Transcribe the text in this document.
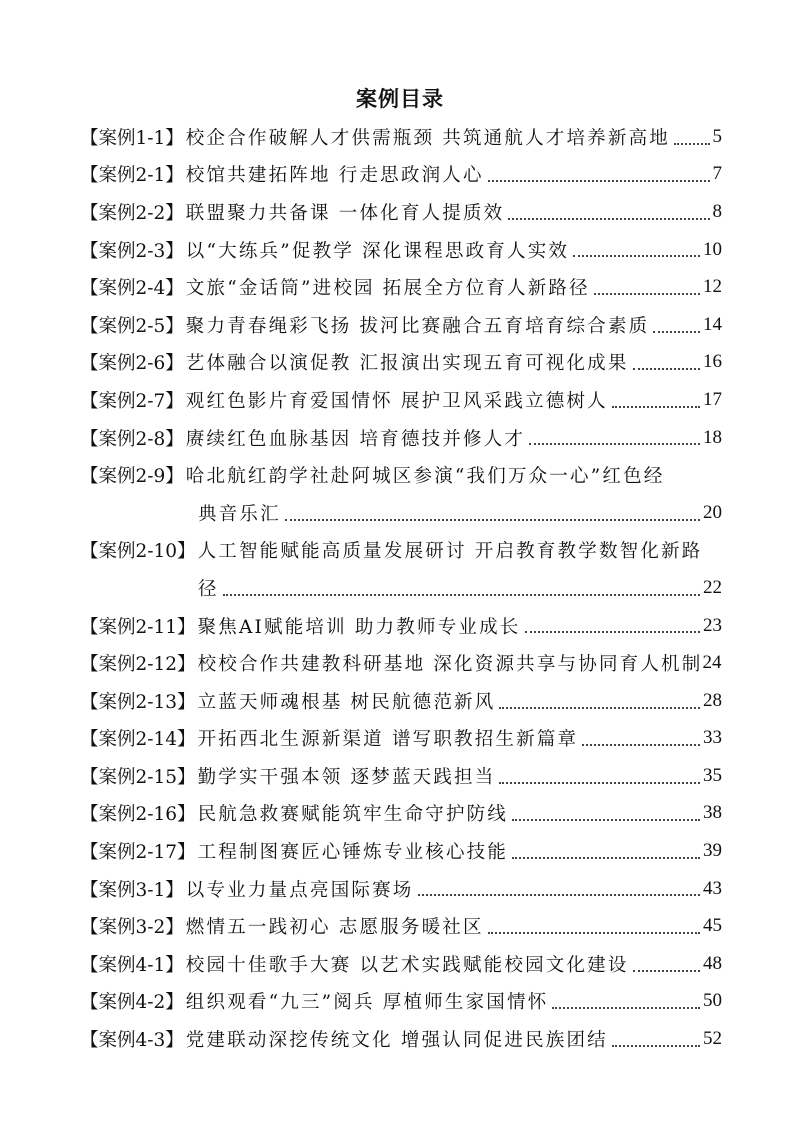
案例目录
【案例1-1】 校企合作破解人才供需瓶颈 共筑通航人才培养新高地 5
【案例2-1】 校馆共建拓阵地 行走思政润人心	7
【案例2-2】 联盟聚力共备课 一体化育人提质效	8
【案例2-3】 以“大练兵”促教学 深化课程思政育人实效	10
【案例2-4】 文旅“金话筒”进校园 拓展全方位育人新路径	12
【案例2-5】 聚力青春绳彩飞扬 拔河比赛融合五育培育综合素质	14
【案例2-6】 艺体融合以演促教 汇报演出实现五育可视化成果	16
【案例2-7】 观红色影片育爱国情怀 展护卫风采践立德树人	17
【案例2-8】 赓续红色血脉基因 培育德技并修人才	18
【案例2-9】 哈北航红韵学社赴阿城区参演“我们万众一心”红色经
典音乐汇	20
【案例2-10】 人工智能赋能高质量发展研讨 开启教育教学数智化新路
径	22
【案例2-11】 聚焦AI赋能培训 助力教师专业成长	23
【案例2-12】 校校合作共建教科研基地 深化资源共享与协同育人机制 24
【案例2-13】 立蓝天师魂根基 树民航德范新风	28
【案例2-14】 开拓西北生源新渠道 谱写职教招生新篇章	33
【案例2-15】 勤学实干强本领 逐梦蓝天践担当	35
【案例2-16】 民航急救赛赋能筑牢生命守护防线	38
【案例2-17】 工程制图赛匠心锤炼专业核心技能	39
【案例3-1】 以专业力量点亮国际赛场	43
【案例3-2】 燃情五一践初心 志愿服务暖社区	45
【案例4-1】 校园十佳歌手大赛 以艺术实践赋能校园文化建设	48
【案例4-2】 组织观看“九三”阅兵 厚植师生家国情怀	50
【案例4-3】 党建联动深挖传统文化 增强认同促进民族团结	52
